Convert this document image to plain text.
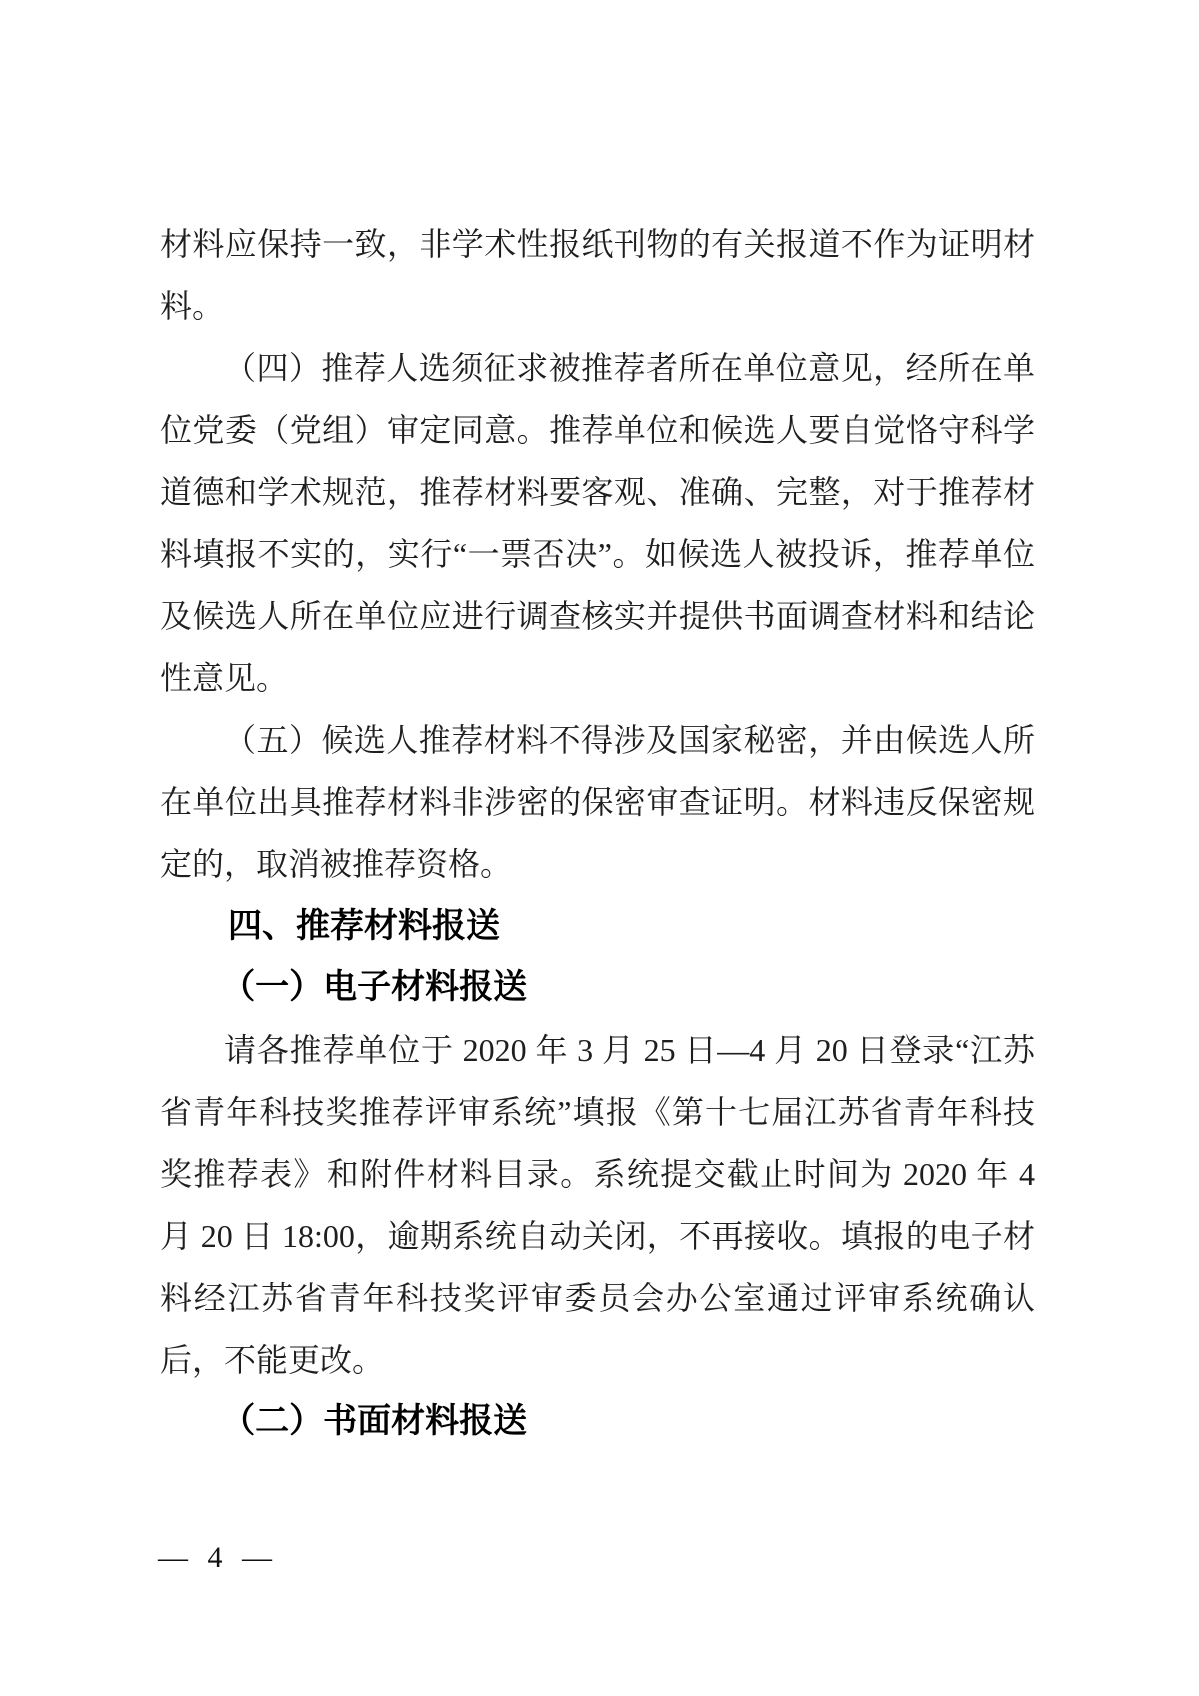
材料应保持一致，非学术性报纸刊物的有关报道不作为证明材料。

（四）推荐人选须征求被推荐者所在单位意见，经所在单位党委（党组）审定同意。推荐单位和候选人要自觉恪守科学道德和学术规范，推荐材料要客观、准确、完整，对于推荐材料填报不实的，实行“一票否决”。如候选人被投诉，推荐单位及候选人所在单位应进行调查核实并提供书面调查材料和结论性意见。

（五）候选人推荐材料不得涉及国家秘密，并由候选人所在单位出具推荐材料非涉密的保密审查证明。材料违反保密规定的，取消被推荐资格。

四、推荐材料报送

（一）电子材料报送

请各推荐单位于 2020 年 3 月 25 日—4 月 20 日登录“江苏省青年科技奖推荐评审系统”填报《第十七届江苏省青年科技奖推荐表》和附件材料目录。系统提交截止时间为 2020 年 4 月 20 日 18:00，逾期系统自动关闭，不再接收。填报的电子材料经江苏省青年科技奖评审委员会办公室通过评审系统确认后，不能更改。

（二）书面材料报送

— 4 —
